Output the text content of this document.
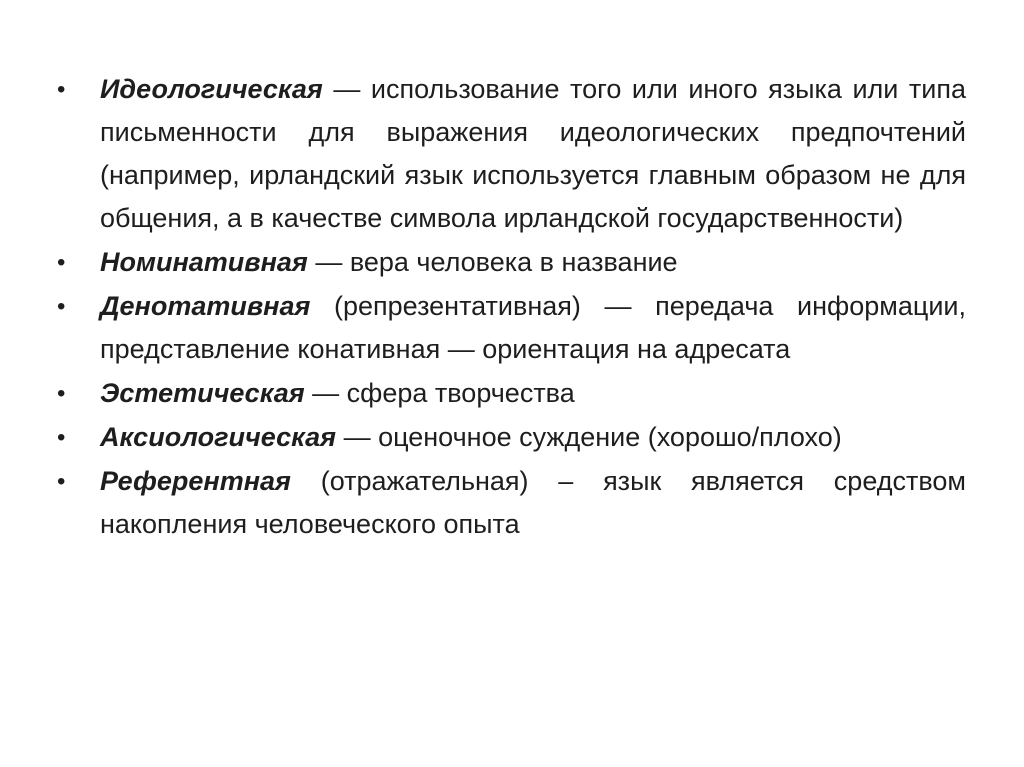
•	Идеологическая — использование того или иного языка или типа письменности для выражения идеологических предпочтений (например, ирландский язык используется главным образом не для общения, а в качестве символа ирландской государственности)
•	Номинативная — вера человека в название
•	Денотативная (репрезентативная) — передача информации, представление конативная — ориентация на адресата
•	Эстетическая — сфера творчества
•	Аксиологическая — оценочное суждение (хорошо/плохо)
•	Референтная (отражательная) – язык является средством накопления человеческого опыта
